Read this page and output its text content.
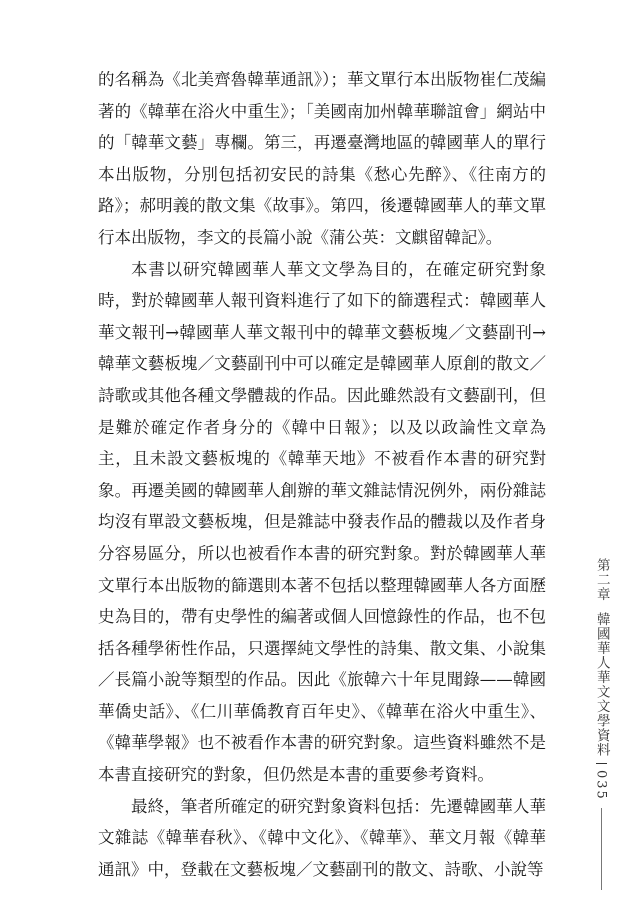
的名稱為《北美齊魯韓華通訊》）；華文單行本出版物崔仁茂編著的《韓華在浴火中重生》；「美國南加州韓華聯誼會」網站中的「韓華文藝」專欄。第三，再遷臺灣地區的韓國華人的單行本出版物，分別包括初安民的詩集《愁心先醉》、《往南方的路》；郝明義的散文集《故事》。第四，後遷韓國華人的華文單行本出版物，李文的長篇小說《蒲公英：文麒留韓記》。

本書以研究韓國華人華文文學為目的，在確定研究對象時，對於韓國華人報刊資料進行了如下的篩選程式：韓國華人華文報刊→韓國華人華文報刊中的韓華文藝板塊／文藝副刊→韓華文藝板塊／文藝副刊中可以確定是韓國華人原創的散文／詩歌或其他各種文學體裁的作品。因此雖然設有文藝副刊，但是難於確定作者身分的《韓中日報》；以及以政論性文章為主，且未設文藝板塊的《韓華天地》不被看作本書的研究對象。再遷美國的韓國華人創辦的華文雜誌情況例外，兩份雜誌均沒有單設文藝板塊，但是雜誌中發表作品的體裁以及作者身分容易區分，所以也被看作本書的研究對象。對於韓國華人華文單行本出版物的篩選則本著不包括以整理韓國華人各方面歷史為目的，帶有史學性的編著或個人回憶錄性的作品，也不包括各種學術性作品，只選擇純文學性的詩集、散文集、小說集／長篇小說等類型的作品。因此《旅韓六十年見聞錄——韓國華僑史話》、《仁川華僑教育百年史》、《韓華在浴火中重生》、《韓華學報》也不被看作本書的研究對象。這些資料雖然不是本書直接研究的對象，但仍然是本書的重要參考資料。

最終，筆者所確定的研究對象資料包括：先遷韓國華人華文雜誌《韓華春秋》、《韓中文化》、《韓華》、華文月報《韓華通訊》中，登載在文藝板塊／文藝副刊的散文、詩歌、小說等

第二章
韓國華人華文文學資料
035
